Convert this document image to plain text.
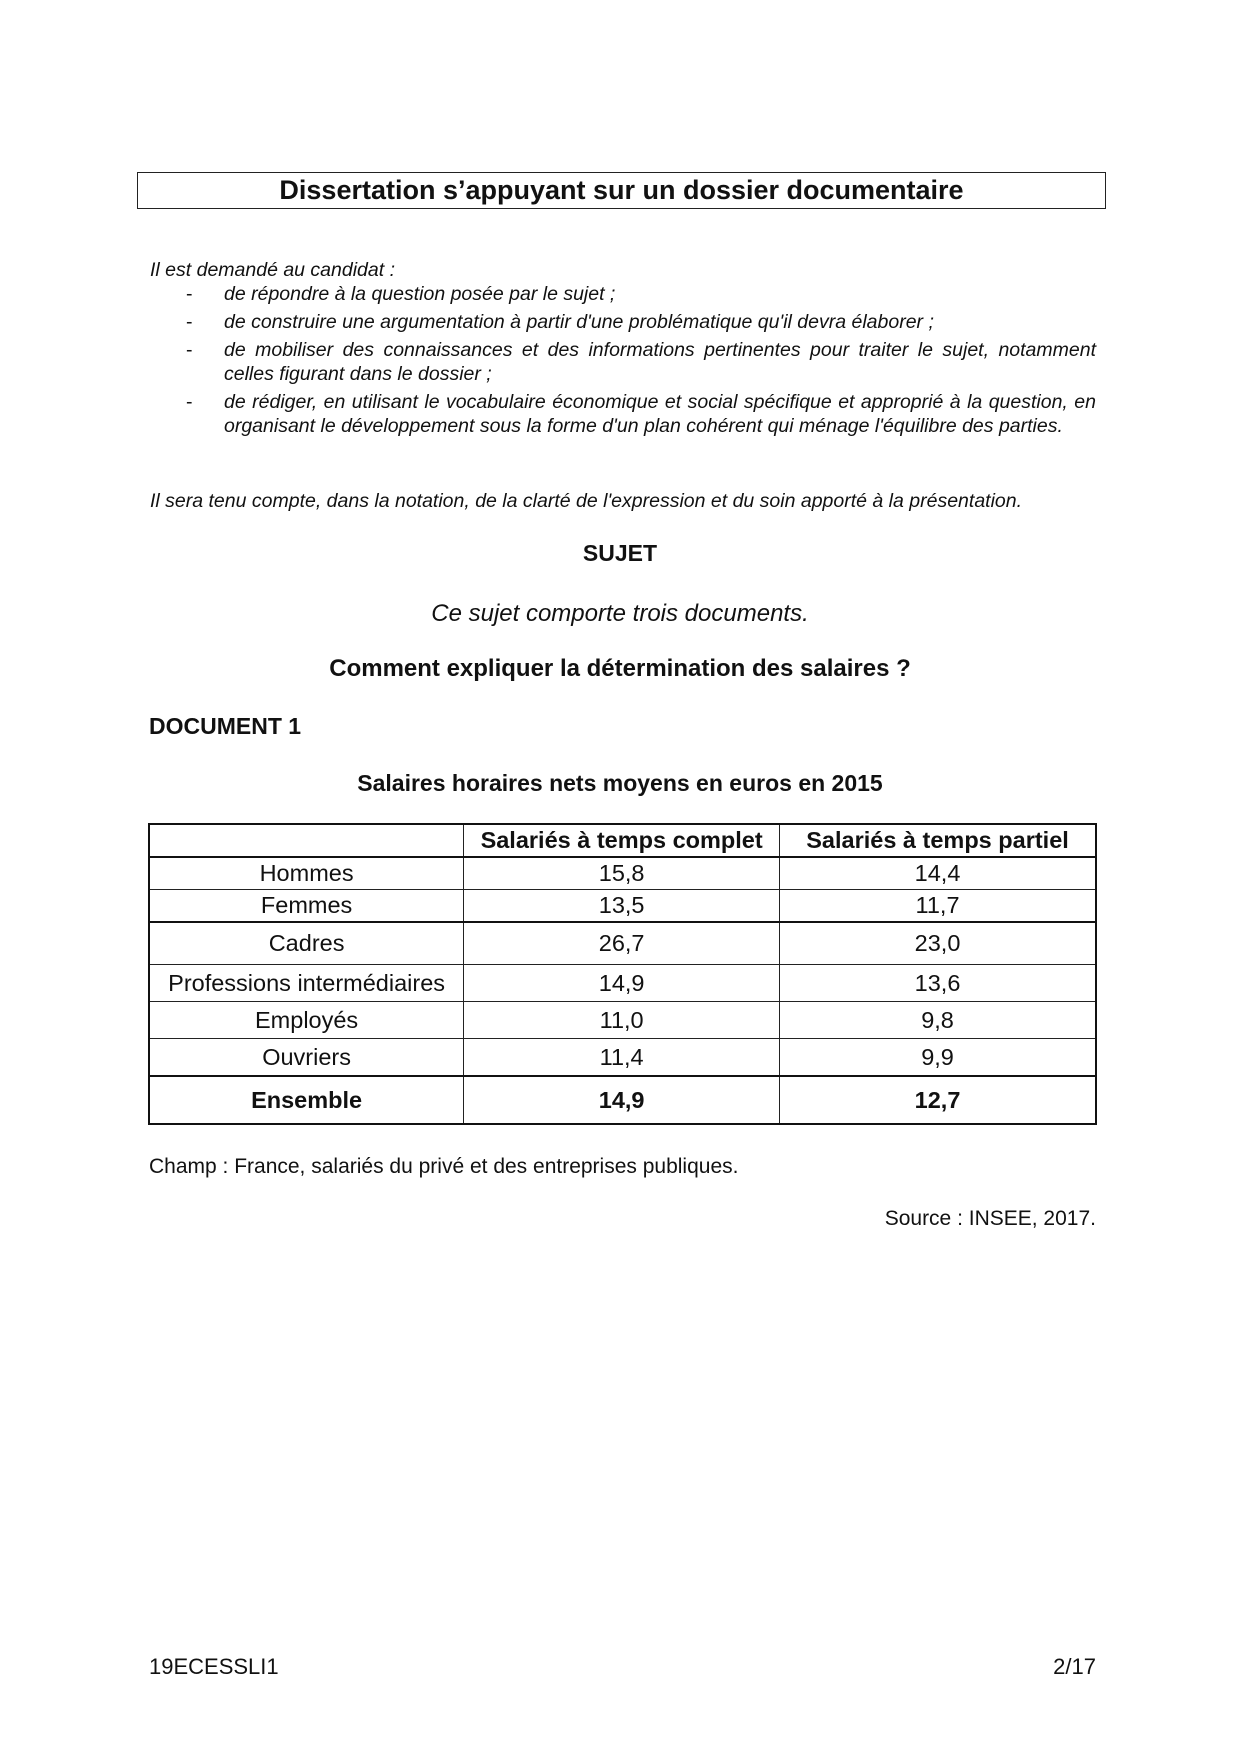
Dissertation s’appuyant sur un dossier documentaire
Il est demandé au candidat :
- de répondre à la question posée par le sujet ;
- de construire une argumentation à partir d'une problématique qu'il devra élaborer ;
- de mobiliser des connaissances et des informations pertinentes pour traiter le sujet, notamment celles figurant dans le dossier ;
- de rédiger, en utilisant le vocabulaire économique et social spécifique et approprié à la question, en organisant le développement sous la forme d'un plan cohérent qui ménage l'équilibre des parties.
Il sera tenu compte, dans la notation, de la clarté de l'expression et du soin apporté à la présentation.
SUJET
Ce sujet comporte trois documents.
Comment expliquer la détermination des salaires ?
DOCUMENT 1
Salaires horaires nets moyens en euros en 2015
	Salariés à temps complet	Salariés à temps partiel
Hommes	15,8	14,4
Femmes	13,5	11,7
Cadres	26,7	23,0
Professions intermédiaires	14,9	13,6
Employés	11,0	9,8
Ouvriers	11,4	9,9
Ensemble	14,9	12,7
Champ : France, salariés du privé et des entreprises publiques.
Source : INSEE, 2017.
19ECESSLI1	2/17
